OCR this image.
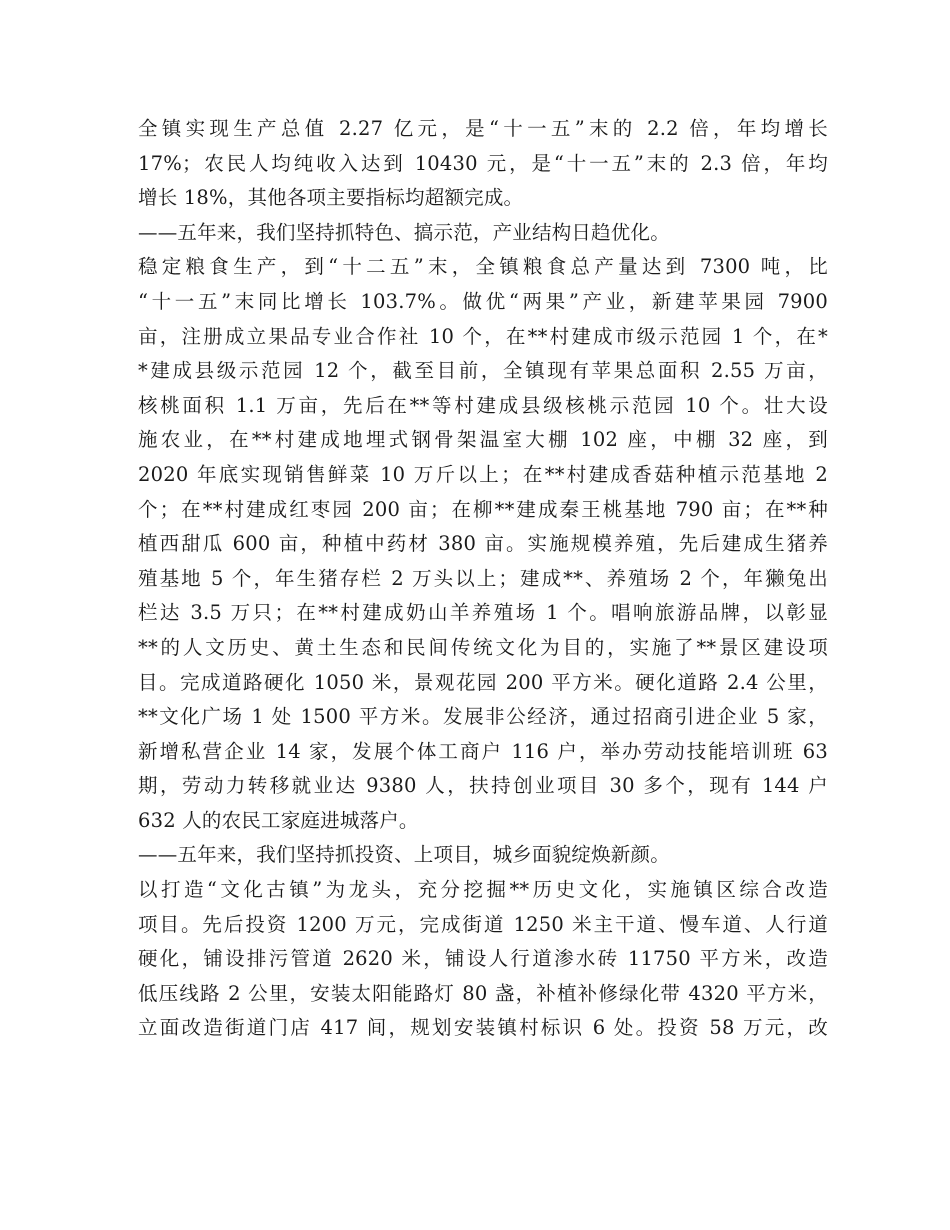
全镇实现生产总值 2.27 亿元，是“十一五”末的 2.2 倍，年均增长
17%；农民人均纯收入达到 10430 元，是“十一五”末的 2.3 倍，年均
增长 18%，其他各项主要指标均超额完成。
——五年来，我们坚持抓特色、搞示范，产业结构日趋优化。
稳定粮食生产，到“十二五”末，全镇粮食总产量达到 7300 吨，比
“十一五”末同比增长 103.7%。做优“两果”产业，新建苹果园 7900
亩，注册成立果品专业合作社 10 个，在**村建成市级示范园 1 个，在*
*建成县级示范园 12 个，截至目前，全镇现有苹果总面积 2.55 万亩，
核桃面积 1.1 万亩，先后在**等村建成县级核桃示范园 10 个。壮大设
施农业，在**村建成地埋式钢骨架温室大棚 102 座，中棚 32 座，到
2020 年底实现销售鲜菜 10 万斤以上；在**村建成香菇种植示范基地 2
个；在**村建成红枣园 200 亩；在柳**建成秦王桃基地 790 亩；在**种
植西甜瓜 600 亩，种植中药材 380 亩。实施规模养殖，先后建成生猪养
殖基地 5 个，年生猪存栏 2 万头以上；建成**、养殖场 2 个，年獭兔出
栏达 3.5 万只；在**村建成奶山羊养殖场 1 个。唱响旅游品牌，以彰显
**的人文历史、黄土生态和民间传统文化为目的，实施了**景区建设项
目。完成道路硬化 1050 米，景观花园 200 平方米。硬化道路 2.4 公里，
**文化广场 1 处 1500 平方米。发展非公经济，通过招商引进企业 5 家，
新增私营企业 14 家，发展个体工商户 116 户，举办劳动技能培训班 63
期，劳动力转移就业达 9380 人，扶持创业项目 30 多个，现有 144 户
632 人的农民工家庭进城落户。
——五年来，我们坚持抓投资、上项目，城乡面貌绽焕新颜。
以打造“文化古镇”为龙头，充分挖掘**历史文化，实施镇区综合改造
项目。先后投资 1200 万元，完成街道 1250 米主干道、慢车道、人行道
硬化，铺设排污管道 2620 米，铺设人行道渗水砖 11750 平方米，改造
低压线路 2 公里，安装太阳能路灯 80 盏，补植补修绿化带 4320 平方米，
立面改造街道门店 417 间，规划安装镇村标识 6 处。投资 58 万元，改
